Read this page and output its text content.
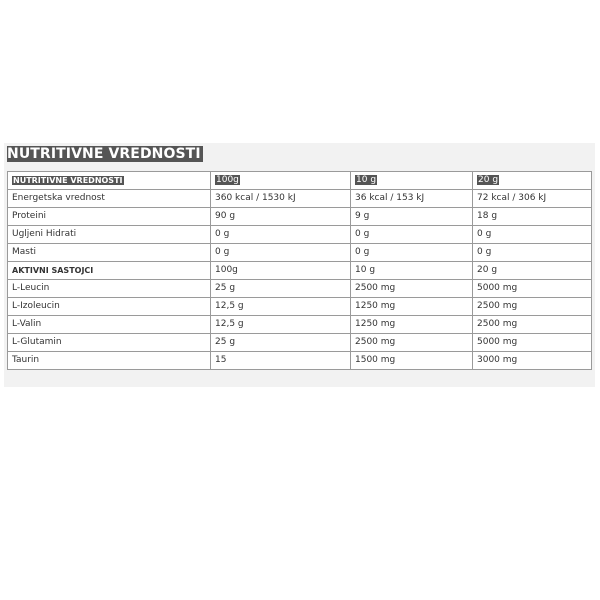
NUTRITIVNE VREDNOSTI
NUTRITIVNE VREDNOSTI	100g	10 g	20 g
Energetska vrednost	360 kcal / 1530 kJ	36 kcal / 153 kJ	72 kcal / 306 kJ
Proteini	90 g	9 g	18 g
Ugljeni Hidrati	0 g	0 g	0 g
Masti	0 g	0 g	0 g
AKTIVNI SASTOJCI	100g	10 g	20 g
L-Leucin	25 g	2500 mg	5000 mg
L-Izoleucin	12,5 g	1250 mg	2500 mg
L-Valin	12,5 g	1250 mg	2500 mg
L-Glutamin	25 g	2500 mg	5000 mg
Taurin	15	1500 mg	3000 mg
